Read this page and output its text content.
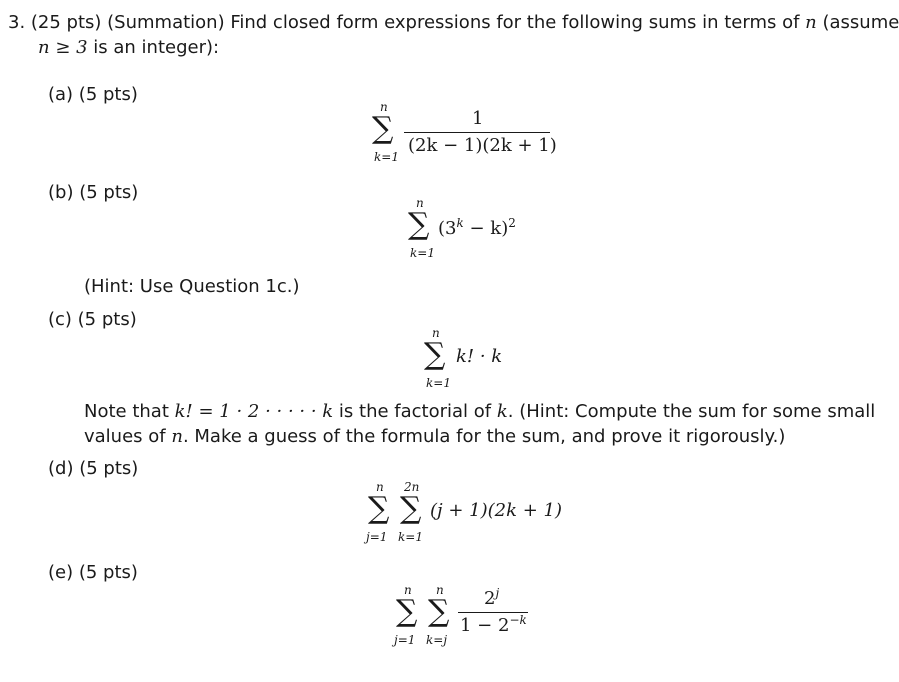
3. (25 pts) (Summation) Find closed form expressions for the following sums in terms of n (assume
n ≥ 3 is an integer):
(a) (5 pts)
n
∑
k=1
1
(2k − 1)(2k + 1)
(b) (5 pts)	n
∑
k=1
$(3^k - k)^2$
(Hint: Use Question 1c.)
(c) (5 pts)
n
∑
k=1
k! · k
Note that k! = 1 · 2 · · · · · k is the factorial of k. (Hint: Compute the sum for some small
values of n. Make a guess of the formula for the sum, and prove it rigorously.)
(d) (5 pts)
n
∑
j=1
2n
∑
k=1
(j + 1)(2k + 1)
(e) (5 pts)
n
∑
j=1
n
∑
k=j
2$^j$
$1 - 2^{-k}$
